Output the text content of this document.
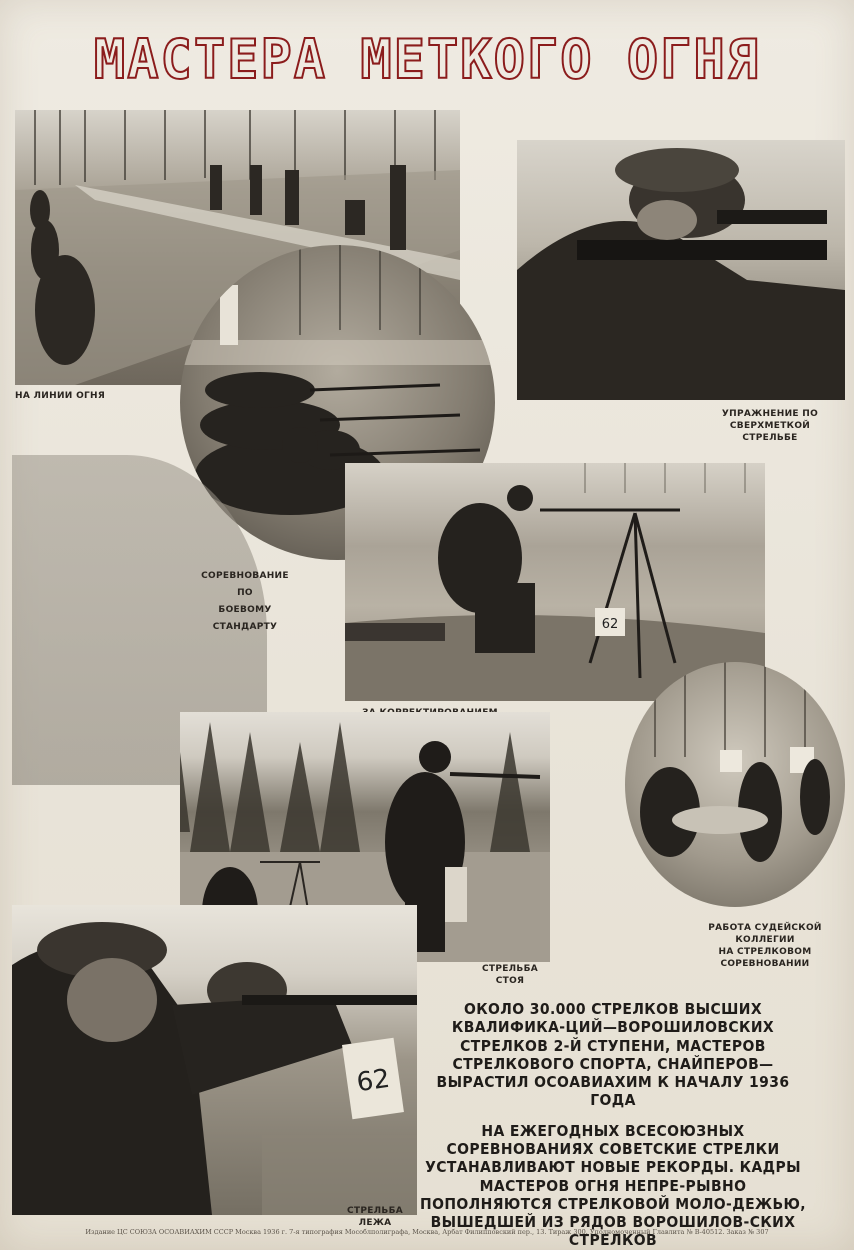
МАСТЕРА МЕТКОГО ОГНЯ
НА ЛИНИИ ОГНЯ
УПРАЖНЕНИЕ ПО СВЕРХМЕТКОЙ
СТРЕЛЬБЕ
СОРЕВНОВАНИЕ
ПО
БОЕВОМУ
СТАНДАРТУ	62
РАБОТА СУДЕЙСКОЙ КОЛЛЕГИИ
НА СТРЕЛКОВОМ СОРЕВНОВАНИИ
СТРЕЛЬБА СТОЯ
62
СТРЕЛЬБА ЛЕЖА

ОКОЛО 30.000 СТРЕЛКОВ ВЫСШИХ КВАЛИФИКА-ЦИЙ—ВОРОШИЛОВСКИХ СТРЕЛКОВ 2-Й СТУПЕНИ, МАСТЕРОВ СТРЕЛКОВОГО СПОРТА, СНАЙПЕРОВ—ВЫРАСТИЛ ОСОАВИАХИМ К НАЧАЛУ 1936 ГОДА

НА ЕЖЕГОДНЫХ ВСЕСОЮЗНЫХ СОРЕВНОВАНИЯХ СОВЕТСКИЕ СТРЕЛКИ УСТАНАВЛИВАЮТ НОВЫЕ РЕКОРДЫ. КАДРЫ МАСТЕРОВ ОГНЯ НЕПРЕ-РЫВНО ПОПОЛНЯЮТСЯ СТРЕЛКОВОЙ МОЛО-ДЕЖЬЮ, ВЫШЕДШЕЙ ИЗ РЯДОВ ВОРОШИЛОВ-СКИХ СТРЕЛКОВ

Издание ЦС СОЮЗА ОСОАВИАХИМ СССР Москва 1936 г. 7-я типография Мособлполиграфа, Москва, Арбат Филипповский пер., 13. Тираж 300. Уполномоченный Главлита № В-40512. Заказ № 307
